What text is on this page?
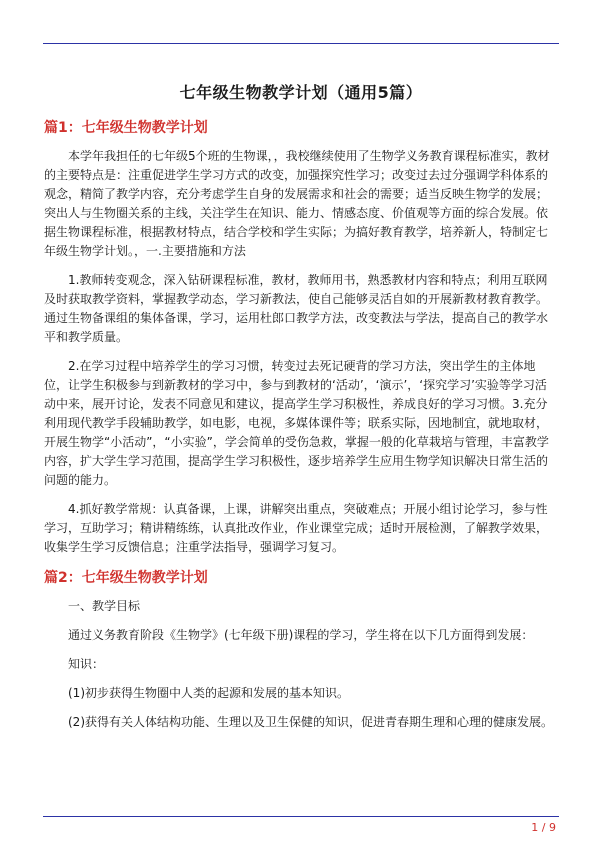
七年级生物教学计划（通用5篇）
篇1：七年级生物教学计划

本学年我担任的七年级5个班的生物课，，我校继续使用了生物学义务教育课程标准实，教材的主要特点是：注重促进学生学习方式的改变，加强探究性学习；改变过去过分强调学科体系的观念，精简了教学内容，充分考虑学生自身的发展需求和社会的需要；适当反映生物学的发展；突出人与生物圈关系的主线，关注学生在知识、能力、情感态度、价值观等方面的综合发展。依据生物课程标准，根据教材特点，结合学校和学生实际；为搞好教育教学，培养新人，特制定七年级生物学计划。，一.主要措施和方法

1.教师转变观念，深入钻研课程标准，教材，教师用书，熟悉教材内容和特点；利用互联网及时获取教学资料，掌握教学动态，学习新教法，使自己能够灵活自如的开展新教材教育教学。通过生物备课组的集体备课，学习，运用杜郎口教学方法，改变教法与学法，提高自己的教学水平和教学质量。

2.在学习过程中培养学生的学习习惯，转变过去死记硬背的学习方法，突出学生的主体地位，让学生积极参与到新教材的学习中，参与到教材的‘活动’，‘演示’，‘探究学习’实验等学习活动中来，展开讨论，发表不同意见和建议，提高学生学习积极性，养成良好的学习习惯。3.充分利用现代教学手段辅助教学，如电影，电视，多媒体课件等；联系实际，因地制宜，就地取材，开展生物学“小活动”，“小实验”，学会简单的受伤急救，掌握一般的化草栽培与管理，丰富教学内容，扩大学生学习范围，提高学生学习积极性，逐步培养学生应用生物学知识解决日常生活的问题的能力。

4.抓好教学常规：认真备课，上课，讲解突出重点，突破难点；开展小组讨论学习，参与性学习，互助学习；精讲精练练，认真批改作业，作业课堂完成；适时开展检测，了解教学效果，收集学生学习反馈信息；注重学法指导，强调学习复习。

篇2：七年级生物教学计划

一、教学目标

通过义务教育阶段《生物学》(七年级下册)课程的学习，学生将在以下几方面得到发展：

知识：

(1)初步获得生物圈中人类的起源和发展的基本知识。

(2)获得有关人体结构功能、生理以及卫生保健的知识，促进青春期生理和心理的健康发展。

1 / 9
